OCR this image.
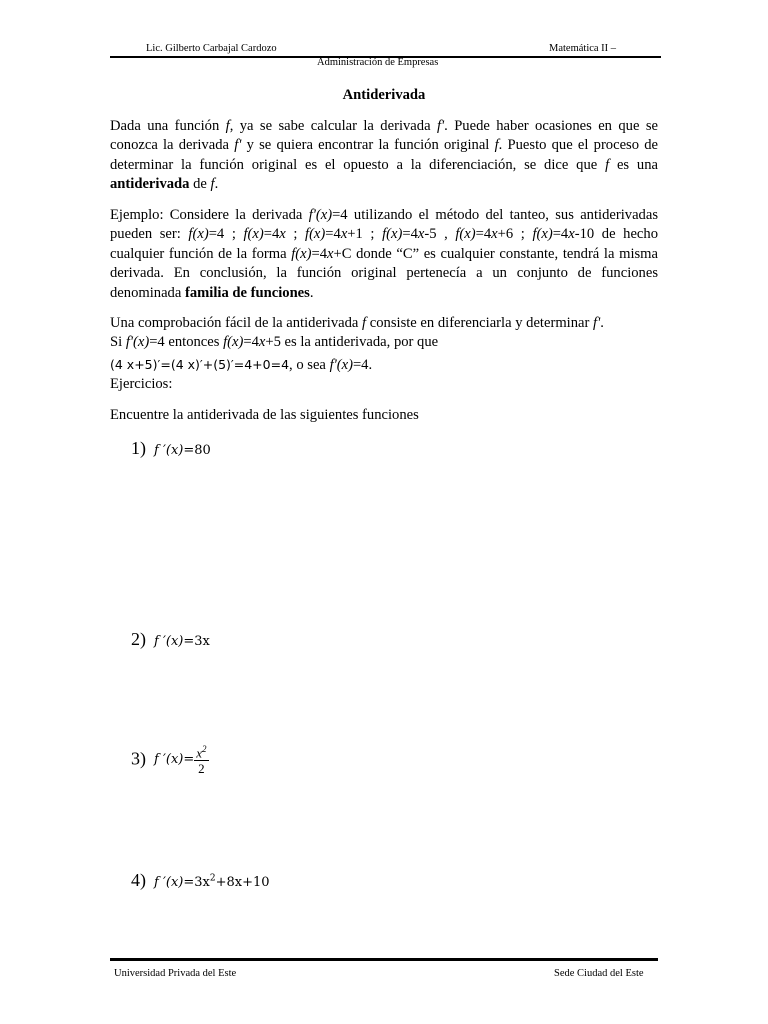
Lic. Gilberto Carbajal Cardozo	Matemática II –
Administración de Empresas
Antiderivada

Dada una función f, ya se sabe calcular la derivada f'. Puede haber ocasiones en que se conozca la derivada f' y se quiera encontrar la función original f. Puesto que el proceso de determinar la función original es el opuesto a la diferenciación, se dice que f es una antiderivada de f.

Ejemplo: Considere la derivada f'(x)=4 utilizando el método del tanteo, sus antiderivadas pueden ser: f(x)=4 ; f(x)=4x ; f(x)=4x+1 ; f(x)=4x-5 , f(x)=4x+6 ; f(x)=4x-10 de hecho cualquier función de la forma f(x)=4x+C donde “C” es cualquier constante, tendrá la misma derivada. En conclusión, la función original pertenecía a un conjunto de funciones denominada familia de funciones.

Una comprobación fácil de la antiderivada f consiste en diferenciarla y determinar f'.

Si f'(x)=4 entonces f(x)=4x+5 es la antiderivada, por que

(4 x+5)′=(4 x)′+(5)′=4+0=4, o sea f'(x)=4.

Ejercicios:

Encuentre la antiderivada de las siguientes funciones
1) f ′(x)=80
2) f ′(x)=3x
3) f $'(x)= \frac{x^2}{2}$
4) f $'(x)=3x^2+8x+10$
Universidad Privada del Este	Sede Ciudad del Este
